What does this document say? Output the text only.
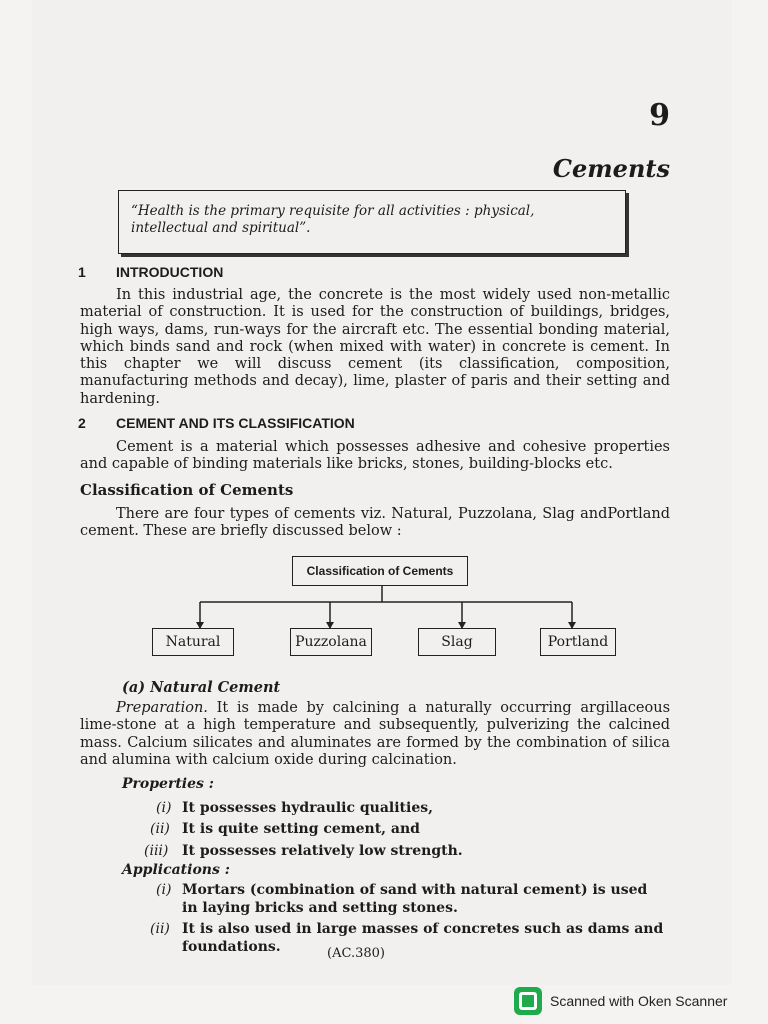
9
Cements
“Health is the primary requisite for all activities : physical, intellectual and spiritual”.
1 INTRODUCTION
In this industrial age, the concrete is the most widely used non-metallic material of construction. It is used for the construction of buildings, bridges, high ways, dams, run-ways for the aircraft etc. The essential bonding material, which binds sand and rock (when mixed with water) in concrete is cement. In this chapter we will discuss cement (its classification, composition, manufacturing methods and decay), lime, plaster of paris and their setting and hardening.
2 CEMENT AND ITS CLASSIFICATION
Cement is a material which possesses adhesive and cohesive properties and capable of binding materials like bricks, stones, building-blocks etc.
Classification of Cements
There are four types of cements viz. Natural, Puzzolana, Slag andPortland cement. These are briefly discussed below :
Classification of Cements
Natural	Puzzolana	Slag	Portland
(a) Natural Cement
Preparation. It is made by calcining a naturally occurring argillaceous lime-stone at a high temperature and subsequently, pulverizing the calcined mass. Calcium silicates and aluminates are formed by the combination of silica and alumina with calcium oxide during calcination.
Properties :
(i) It possesses hydraulic qualities,
(ii) It is quite setting cement, and
(iii) It possesses relatively low strength.
Applications :
(i) Mortars (combination of sand with natural cement) is used in laying bricks and setting stones.
(ii) It is also used in large masses of concretes such as dams and foundations.	(AC.380)
Scanned with Oken Scanner
